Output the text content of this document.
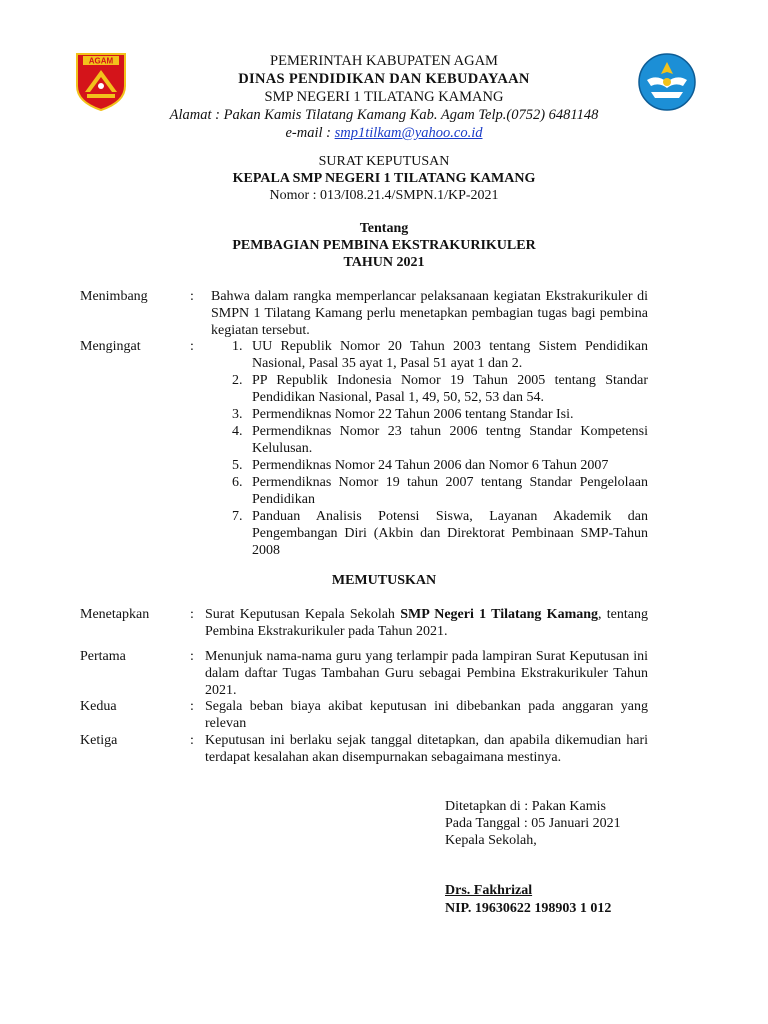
AGAM	PEMERINTAH KABUPATEN AGAM
DINAS PENDIDIKAN DAN KEBUDAYAAN
SMP NEGERI 1 TILATANG KAMANG
Alamat : Pakan Kamis Tilatang Kamang Kab. Agam Telp.(0752) 6481148
e-mail : smp1tilkam@yahoo.co.id
SURAT KEPUTUSAN
KEPALA SMP NEGERI 1 TILATANG KAMANG
Nomor : 013/I08.21.4/SMPN.1/KP-2021
Tentang
PEMBAGIAN PEMBINA EKSTRAKURIKULER
TAHUN 2021
Menimbang	: Bahwa dalam rangka memperlancar pelaksanaan kegiatan Ekstrakurikuler di SMPN 1 Tilatang Kamang perlu menetapkan pembagian tugas bagi pembina kegiatan tersebut.
Mengingat	:	1. UU Republik Nomor 20 Tahun 2003 tentang Sistem Pendidikan Nasional, Pasal 35 ayat 1, Pasal 51 ayat 1 dan 2.
2. PP Republik Indonesia Nomor 19 Tahun 2005 tentang Standar Pendidikan Nasional, Pasal 1, 49, 50, 52, 53 dan 54.
3. Permendiknas Nomor 22 Tahun 2006 tentang Standar Isi.
4. Permendiknas Nomor 23 tahun 2006 tentng Standar Kompetensi Kelulusan.
5. Permendiknas Nomor 24 Tahun 2006 dan Nomor 6 Tahun 2007
6. Permendiknas Nomor 19 tahun 2007 tentang Standar Pengelolaan Pendidikan
7. Panduan Analisis Potensi Siswa, Layanan Akademik dan Pengembangan Diri (Akbin dan Direktorat Pembinaan SMP-Tahun 2008
MEMUTUSKAN
Menetapkan	: Surat Keputusan Kepala Sekolah SMP Negeri 1 Tilatang Kamang, tentang Pembina Ekstrakurikuler pada Tahun 2021.
Pertama	: Menunjuk nama-nama guru yang terlampir pada lampiran Surat Keputusan ini dalam daftar Tugas Tambahan Guru sebagai Pembina Ekstrakurikuler Tahun 2021.
Kedua	: Segala beban biaya akibat keputusan ini dibebankan pada anggaran yang relevan
Ketiga	: Keputusan ini berlaku sejak tanggal ditetapkan, dan apabila dikemudian hari terdapat kesalahan akan disempurnakan sebagaimana mestinya.
Ditetapkan di : Pakan Kamis
Pada Tanggal : 05 Januari 2021
Kepala Sekolah,
Drs. Fakhrizal
NIP. 19630622 198903 1 012
